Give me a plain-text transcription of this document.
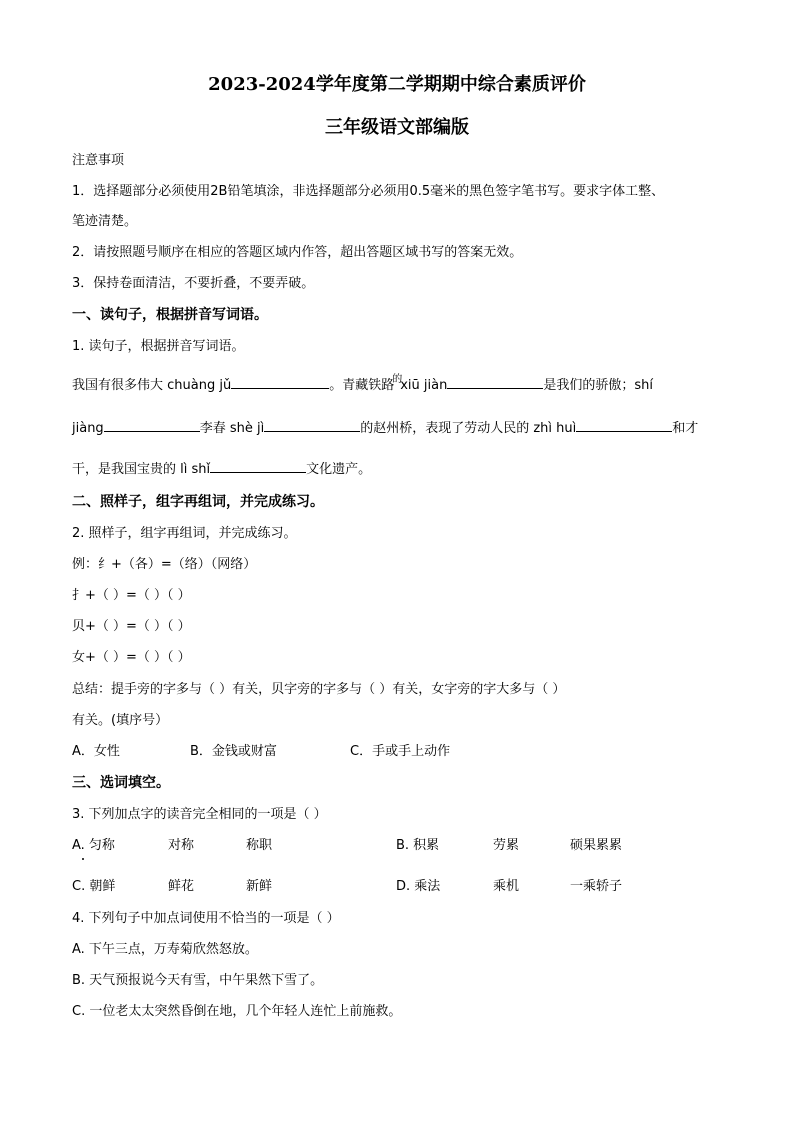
2023-2024学年度第二学期期中综合素质评价
三年级语文部编版
注意事项
1．选择题部分必须使用2B铅笔填涂，非选择题部分必须用0.5毫米的黑色签字笔书写。要求字体工整、
笔迹清楚。
2．请按照题号顺序在相应的答题区域内作答，超出答题区域书写的答案无效。
3．保持卷面清洁，不要折叠，不要弄破。
一、读句子，根据拼音写词语。
1. 读句子，根据拼音写词语。
我国有很多伟大 chuàng jǔ	。青藏铁路$^的$xiū jiàn	是我们的骄傲；shí
jiàng	李春 shè jì	的赵州桥，表现了劳动人民的 zhì huì	和才
干，是我国宝贵的 lì shǐ	文化遗产。
二、照样子，组字再组词，并完成练习。
2. 照样子，组字再组词，并完成练习。
例：纟+（各）=（络）（网络）
扌+（ ）=（ ）（ ）
贝+（ ）=（ ）（ ）
女+（ ）=（ ）（ ）
总结：提手旁的字多与（ ）有关，贝字旁的字多与（ ）有关，女字旁的字大多与（ ）
有关。(填序号）
A．女性	B．金钱或财富	C．手或手上动作
三、选词填空。
3. 下列加点字的读音完全相同的一项是（ ）
A. 匀称	对称	称职	B. 积累	劳累	硕果累累
C. 朝鲜	鲜花	新鲜	D. 乘法	乘机	一乘轿子
4. 下列句子中加点词使用不恰当的一项是（ ）
A. 下午三点，万寿菊欣然怒放。
B. 天气预报说今天有雪，中午果然下雪了。
C. 一位老太太突然昏倒在地，几个年轻人连忙上前施救。
